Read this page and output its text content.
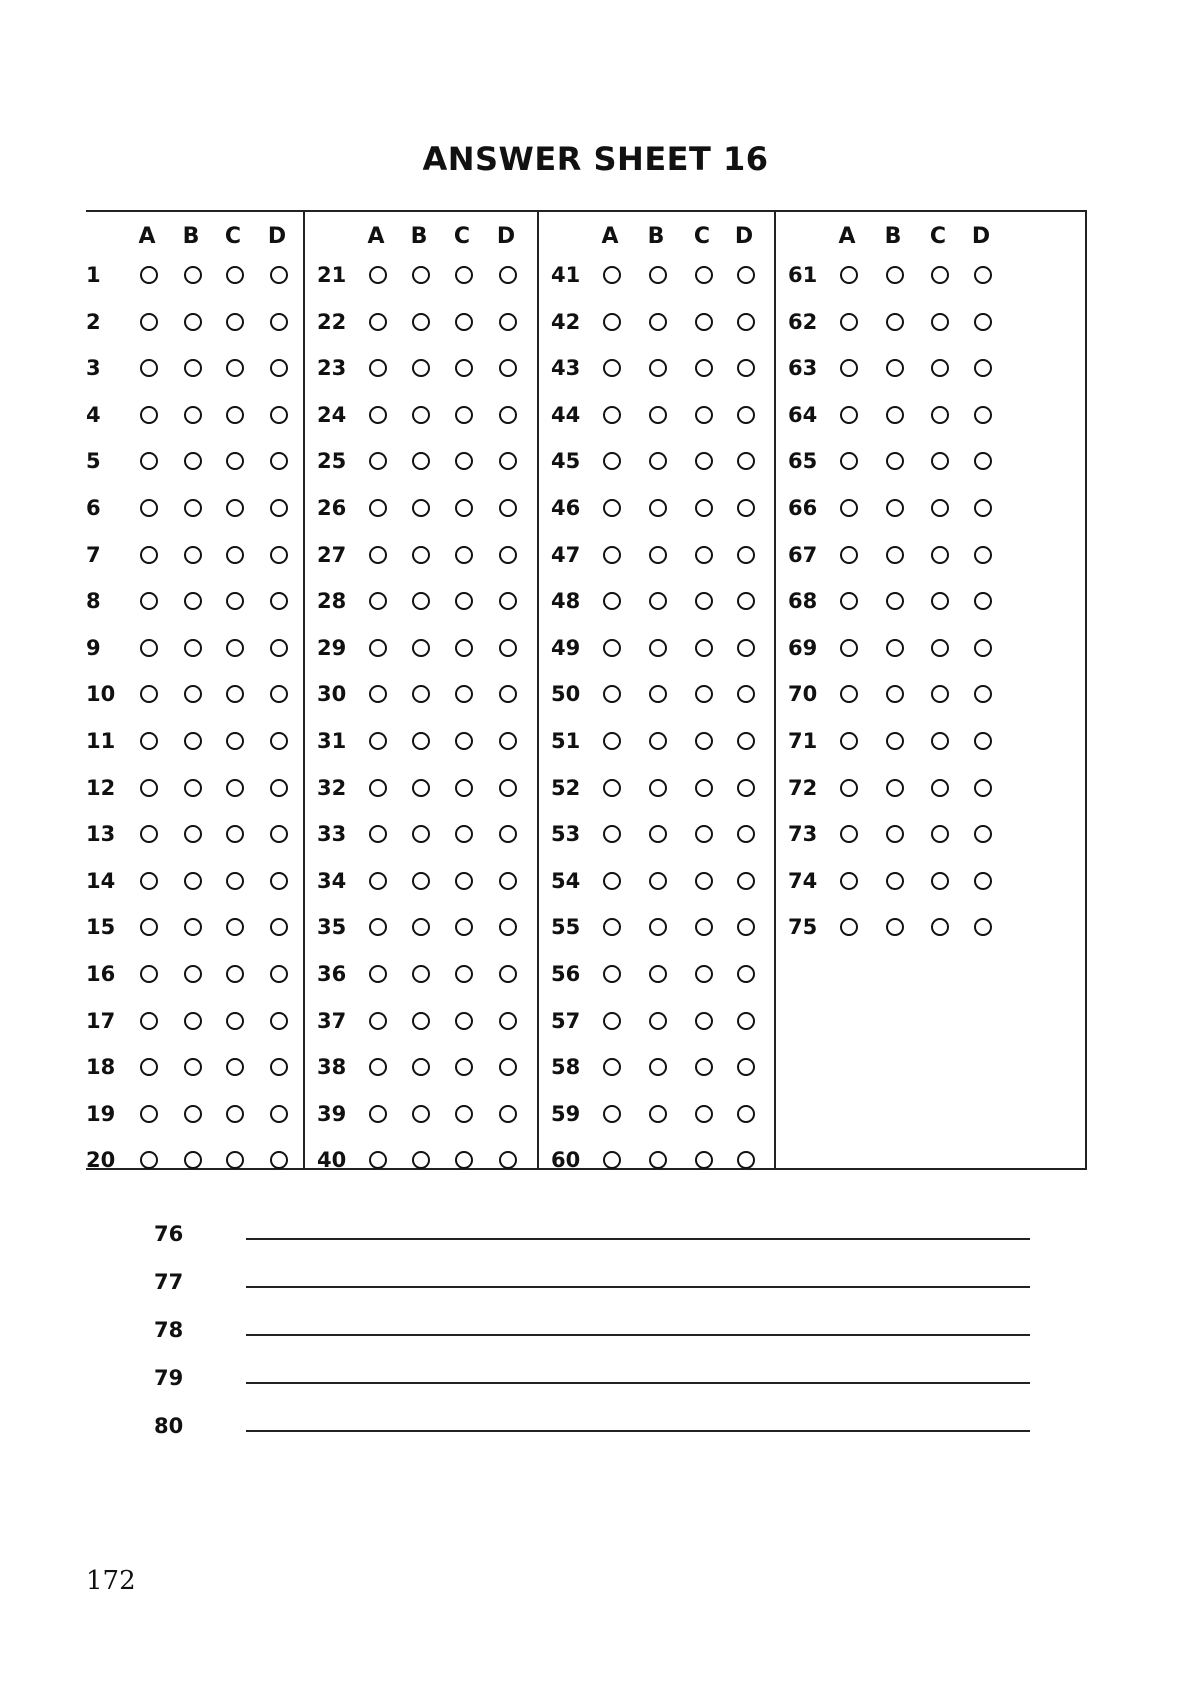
ANSWER SHEET 16
A B C D
1
2
3
4
5
6
7
8
9
10
11
12
13
14
15
16
17
18
19
20
A B C D
21
22
23
24
25
26
27
28
29
30
31
32
33
34
35
36
37
38
39
40
A B C D
41
42
43
44
45
46
47
48
49
50
51
52
53
54
55
56
57
58
59
60
A B C D
61
62
63
64
65
66
67
68
69
70
71
72
73
74
75
76
77
78
79
80
172
